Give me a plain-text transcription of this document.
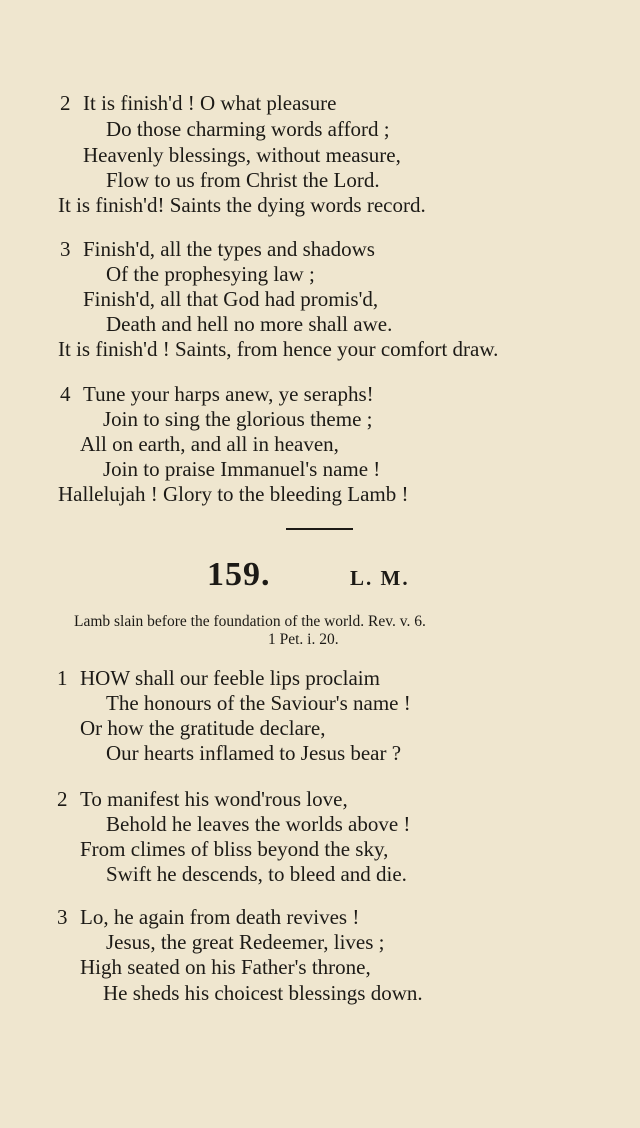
2 It is finish'd ! O what pleasure
Do those charming words afford ;
Heavenly blessings, without measure,
Flow to us from Christ the Lord.
It is finish'd! Saints the dying words record.
3 Finish'd, all the types and shadows
Of the prophesying law ;
Finish'd, all that God had promis'd,
Death and hell no more shall awe.
It is finish'd ! Saints, from hence your comfort draw.
4 Tune your harps anew, ye seraphs!
Join to sing the glorious theme ;
All on earth, and all in heaven,
Join to praise Immanuel's name !
Hallelujah ! Glory to the bleeding Lamb !
159.	L. M.
Lamb slain before the foundation of the world. Rev. v. 6.
1 Pet. i. 20.
1 HOW shall our feeble lips proclaim
The honours of the Saviour's name !
Or how the gratitude declare,
Our hearts inflamed to Jesus bear ?
2 To manifest his wond'rous love,
Behold he leaves the worlds above !
From climes of bliss beyond the sky,
Swift he descends, to bleed and die.
3 Lo, he again from death revives !
Jesus, the great Redeemer, lives ;
High seated on his Father's throne,
He sheds his choicest blessings down.
